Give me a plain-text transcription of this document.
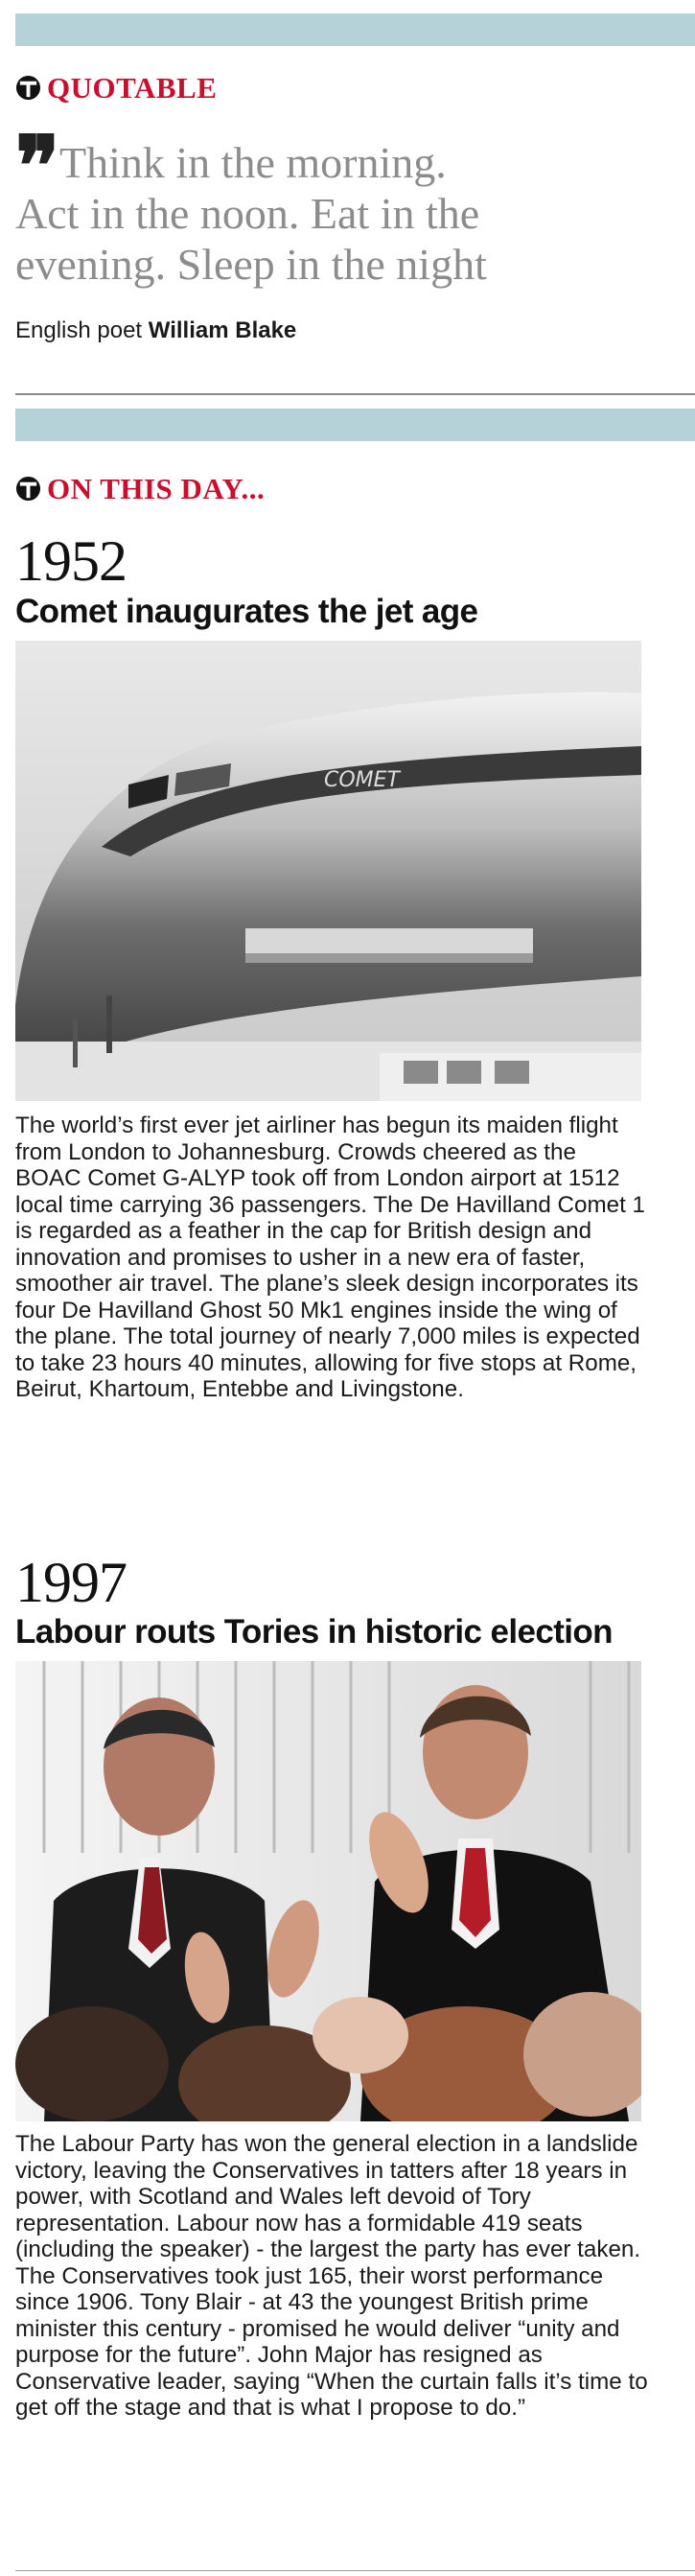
QUOTABLE
❞ Think in the morning.
Act in the noon. Eat in the
evening. Sleep in the night

English poet William Blake
ON THIS DAY...
1952
Comet inaugurates the jet age
COMET

The world’s first ever jet airliner has begun its maiden flight from London to Johannesburg. Crowds cheered as the BOAC Comet G-ALYP took off from London airport at 1512 local time carrying 36 passengers. The De Havilland Comet 1 is regarded as a feather in the cap for British design and innovation and promises to usher in a new era of faster, smoother air travel. The plane’s sleek design incorporates its four De Havilland Ghost 50 Mk1 engines inside the wing of the plane. The total journey of nearly 7,000 miles is expected to take 23 hours 40 minutes, allowing for five stops at Rome, Beirut, Khartoum, Entebbe and Livingstone.

1997
Labour routs Tories in historic election

The Labour Party has won the general election in a landslide victory, leaving the Conservatives in tatters after 18 years in power, with Scotland and Wales left devoid of Tory representation. Labour now has a formidable 419 seats (including the speaker) - the largest the party has ever taken. The Conservatives took just 165, their worst performance since 1906. Tony Blair - at 43 the youngest British prime minister this century - promised he would deliver “unity and purpose for the future”. John Major has resigned as Conservative leader, saying “When the curtain falls it’s time to get off the stage and that is what I propose to do.”
